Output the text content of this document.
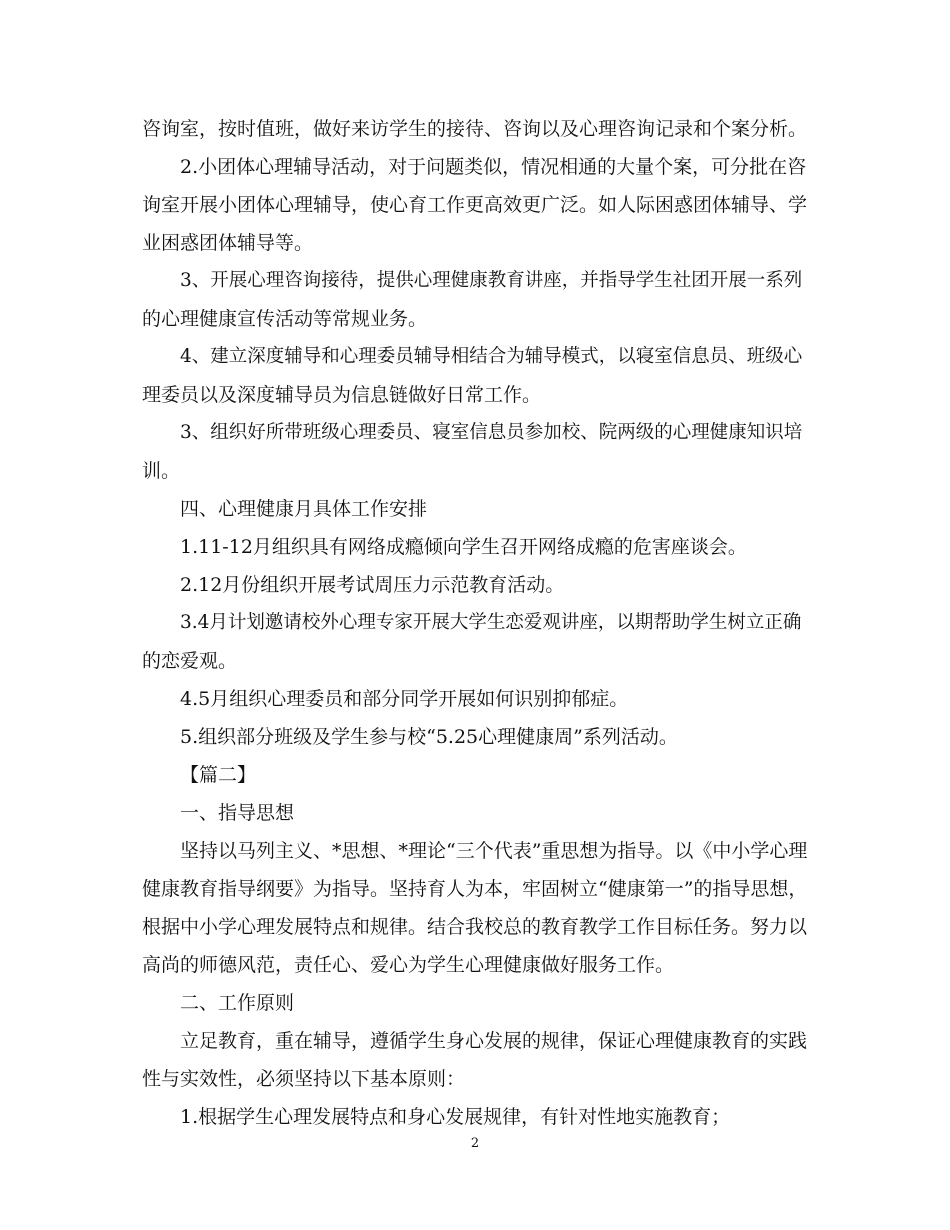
咨询室，按时值班，做好来访学生的接待、咨询以及心理咨询记录和个案分析。
2.小团体心理辅导活动，对于问题类似，情况相通的大量个案，可分批在咨
询室开展小团体心理辅导，使心育工作更高效更广泛。如人际困惑团体辅导、学
业困惑团体辅导等。
3、开展心理咨询接待，提供心理健康教育讲座，并指导学生社团开展一系列
的心理健康宣传活动等常规业务。
4、建立深度辅导和心理委员辅导相结合为辅导模式，以寝室信息员、班级心
理委员以及深度辅导员为信息链做好日常工作。
3、组织好所带班级心理委员、寝室信息员参加校、院两级的心理健康知识培
训。
四、心理健康月具体工作安排
1.11-12月组织具有网络成瘾倾向学生召开网络成瘾的危害座谈会。
2.12月份组织开展考试周压力示范教育活动。
3.4月计划邀请校外心理专家开展大学生恋爱观讲座，以期帮助学生树立正确
的恋爱观。
4.5月组织心理委员和部分同学开展如何识别抑郁症。
5.组织部分班级及学生参与校“5.25心理健康周”系列活动。
【篇二】
一、指导思想
坚持以马列主义、*思想、*理论“三个代表”重思想为指导。以《中小学心理
健康教育指导纲要》为指导。坚持育人为本，牢固树立“健康第一”的指导思想，
根据中小学心理发展特点和规律。结合我校总的教育教学工作目标任务。努力以
高尚的师德风范，责任心、爱心为学生心理健康做好服务工作。
二、工作原则
立足教育，重在辅导，遵循学生身心发展的规律，保证心理健康教育的实践
性与实效性，必须坚持以下基本原则：
1.根据学生心理发展特点和身心发展规律，有针对性地实施教育；
2
